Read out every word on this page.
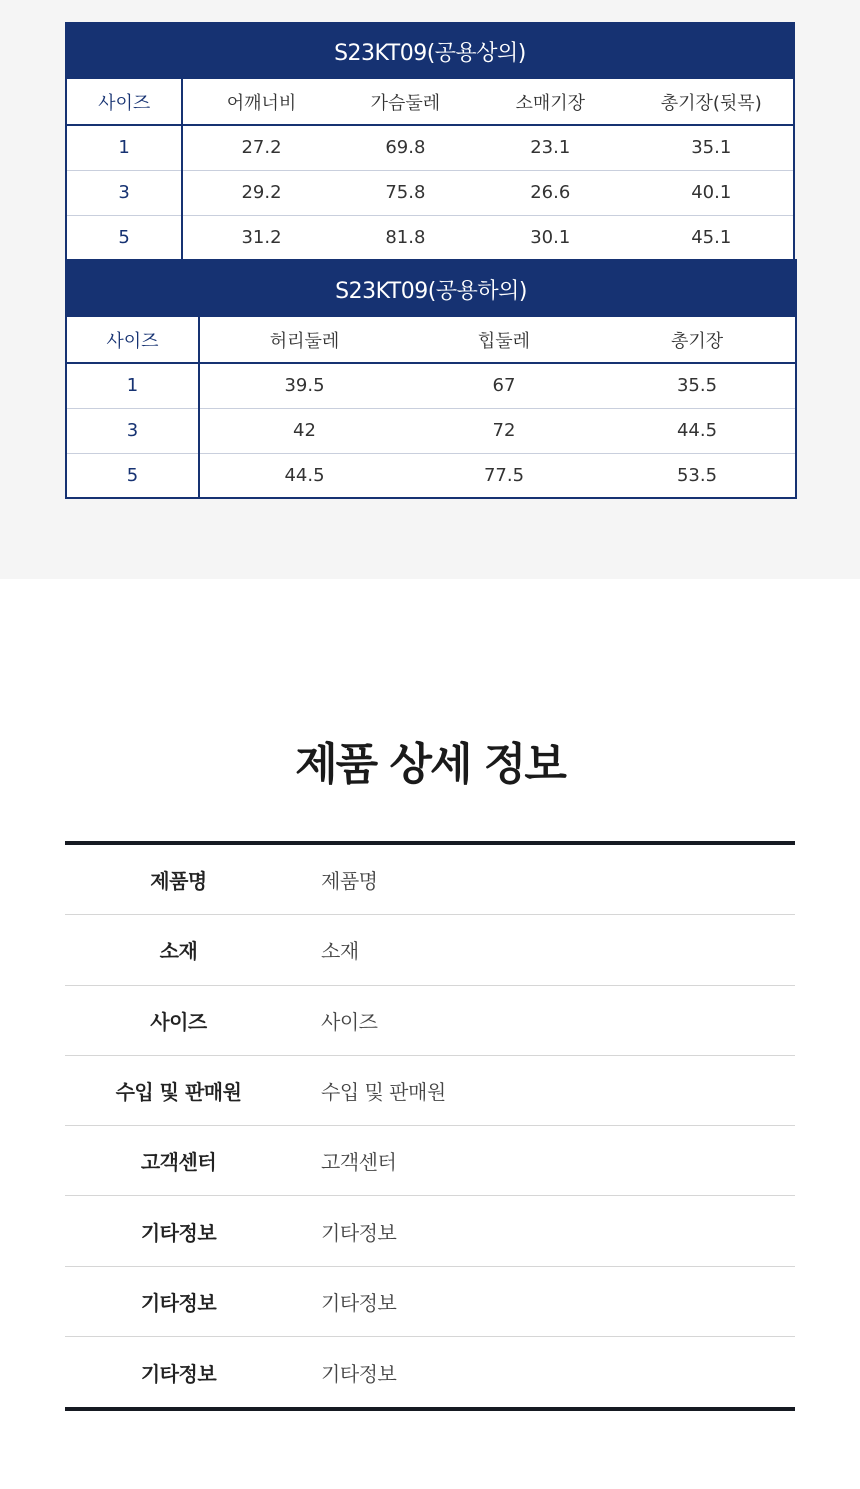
S23KT09(공용상의)				
사이즈	어깨너비	가슴둘레	소매기장	총기장(뒷목)
1	27.2	69.8	23.1	35.1
3	29.2	75.8	26.6	40.1
5	31.2	81.8	30.1	45.1
S23KT09(공용하의)			
사이즈	허리둘레	힙둘레	총기장
1	39.5	67	35.5
3	42	72	44.5
5	44.5	77.5	53.5
제품 상세 정보
제품명	제품명
소재	소재
사이즈	사이즈
수입 및 판매원	수입 및 판매원
고객센터	고객센터
기타정보	기타정보
기타정보	기타정보
기타정보	기타정보
